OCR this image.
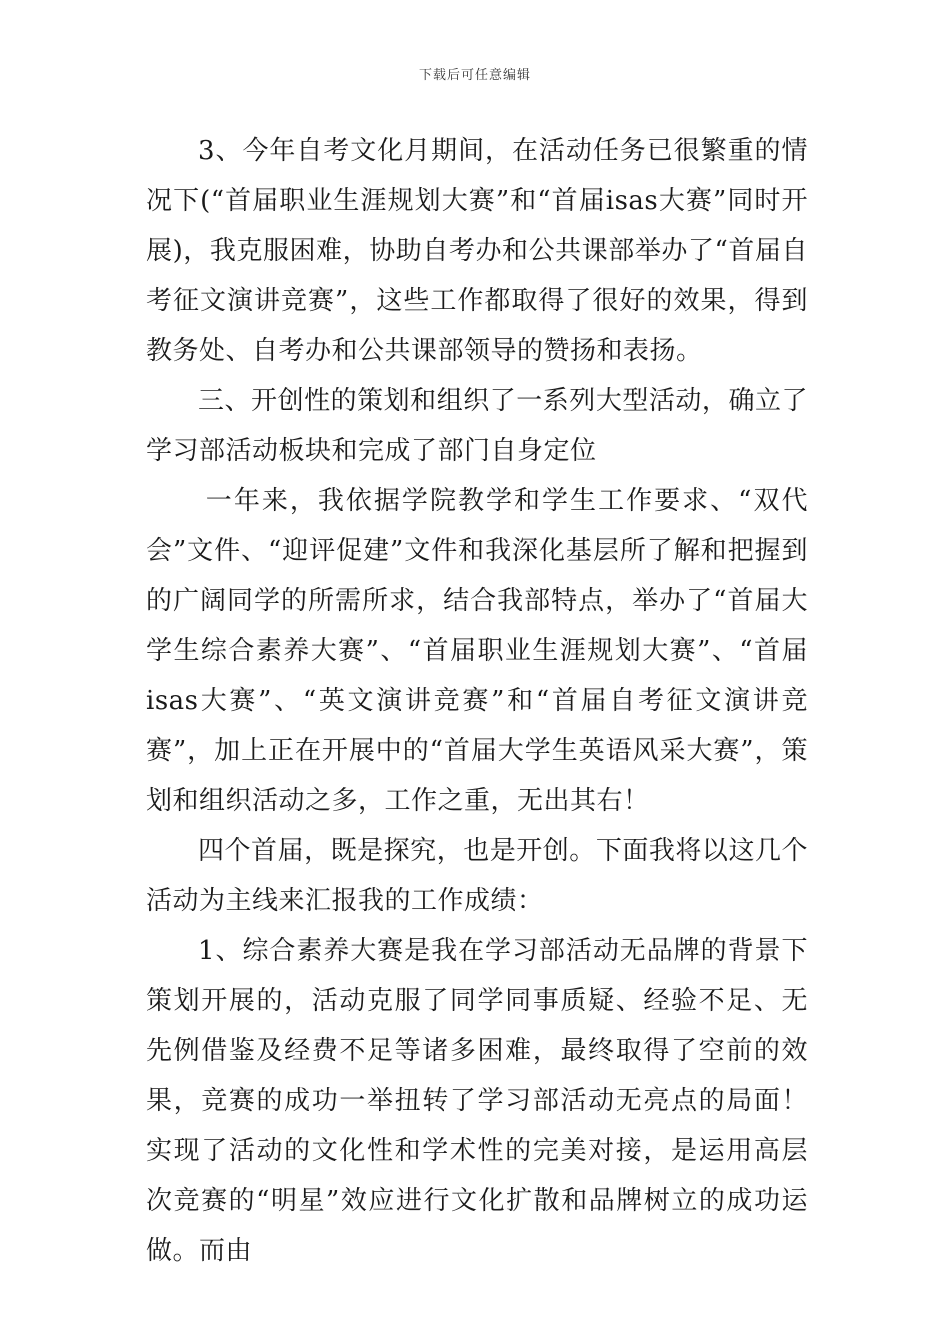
下载后可任意编辑

3、今年自考文化月期间，在活动任务已很繁重的情况下(“首届职业生涯规划大赛”和“首届isas大赛”同时开展)，我克服困难，协助自考办和公共课部举办了“首届自考征文演讲竞赛”，这些工作都取得了很好的效果，得到教务处、自考办和公共课部领导的赞扬和表扬。

三、开创性的策划和组织了一系列大型活动，确立了学习部活动板块和完成了部门自身定位

一年来，我依据学院教学和学生工作要求、“双代会”文件、“迎评促建”文件和我深化基层所了解和把握到的广阔同学的所需所求，结合我部特点，举办了“首届大学生综合素养大赛”、“首届职业生涯规划大赛”、“首届isas大赛”、“英文演讲竞赛”和“首届自考征文演讲竞赛”，加上正在开展中的“首届大学生英语风采大赛”，策划和组织活动之多，工作之重，无出其右！

四个首届，既是探究，也是开创。下面我将以这几个活动为主线来汇报我的工作成绩：

1、综合素养大赛是我在学习部活动无品牌的背景下策划开展的，活动克服了同学同事质疑、经验不足、无先例借鉴及经费不足等诸多困难，最终取得了空前的效果，竞赛的成功一举扭转了学习部活动无亮点的局面！实现了活动的文化性和学术性的完美对接，是运用高层次竞赛的“明星”效应进行文化扩散和品牌树立的成功运做。而由
